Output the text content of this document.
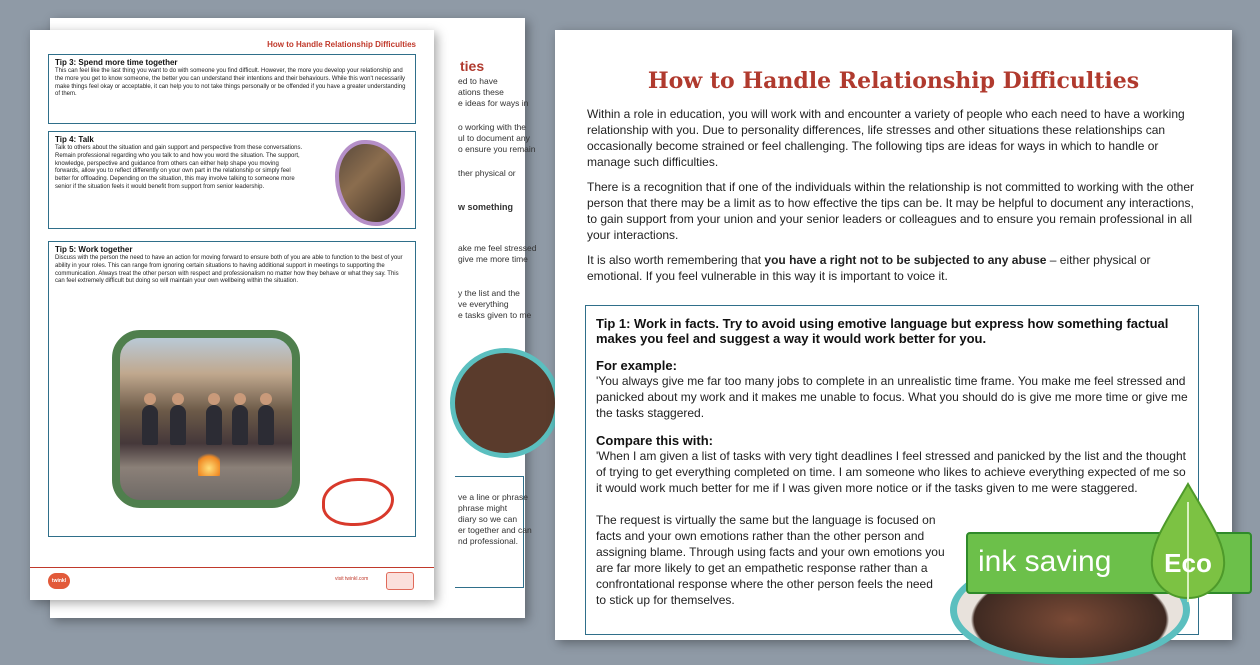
ties
ed to have
ations these
e ideas for ways in
o working with the
ul to document any
o ensure you remain
ther physical or
w something
ake me feel stressed
give me more time
y the list and the
ve everything
e tasks given to me
ve a line or phrase
phrase might
diary so we can
er together and can
nd professional.
How to Handle Relationship Difficulties
Tip 3: Spend more time together

This can feel like the last thing you want to do with someone you find difficult. However, the more you develop your relationship and the more you get to know someone, the better you can understand their intentions and their behaviours. While this won't necessarily make things feel okay or acceptable, it can help you to not take things personally or be offended if you have a greater understanding of them.

Tip 4: Talk

Talk to others about the situation and gain support and perspective from these conversations. Remain professional regarding who you talk to and how you word the situation. The support, knowledge, perspective and guidance from others can either help shape you moving forwards, allow you to reflect differently on your own part in the relationship or simply feel better for offloading. Depending on the situation, this may involve talking to someone more senior if the situation feels it would benefit from support from senior leadership.

Tip 5: Work together

Discuss with the person the need to have an action for moving forward to ensure both of you are able to function to the best of your ability in your roles. This can range from ignoring certain situations to having additional support in meetings to supporting the communication. Always treat the other person with respect and professionalism no matter how they behave or what they say. This can feel extremely difficult but doing so will maintain your own wellbeing within the situation.

twinkl LIFE
visit twinkl.com
How to Handle Relationship Difficulties

Within a role in education, you will work with and encounter a variety of people who each need to have a working relationship with you. Due to personality differences, life stresses and other situations these relationships can occasionally become strained or feel challenging. The following tips are ideas for ways in which to handle or manage such difficulties.

There is a recognition that if one of the individuals within the relationship is not committed to working with the other person that there may be a limit as to how effective the tips can be. It may be helpful to document any interactions, to gain support from your union and your senior leaders or colleagues and to ensure you remain professional in all your interactions.

It is also worth remembering that you have a right not to be subjected to any abuse – either physical or emotional. If you feel vulnerable in this way it is important to voice it.

Tip 1: Work in facts. Try to avoid using emotive language but express how something factual makes you feel and suggest a way it would work better for you.

For example:

'You always give me far too many jobs to complete in an unrealistic time frame. You make me feel stressed and panicked about my work and it makes me unable to focus. What you should do is give me more time or give me the tasks staggered.

Compare this with:

'When I am given a list of tasks with very tight deadlines I feel stressed and panicked by the list and the thought of trying to get everything completed on time. I am someone who likes to achieve everything expected of me so it would work much better for me if I was given more notice or if the tasks given to me were staggered.

The request is virtually the same but the language is focused on facts and your own emotions rather than the other person and assigning blame. Through using facts and your own emotions you are far more likely to get an empathetic response rather than a confrontational response where the other person feels the need to stick up for themselves.

ink saving Eco
